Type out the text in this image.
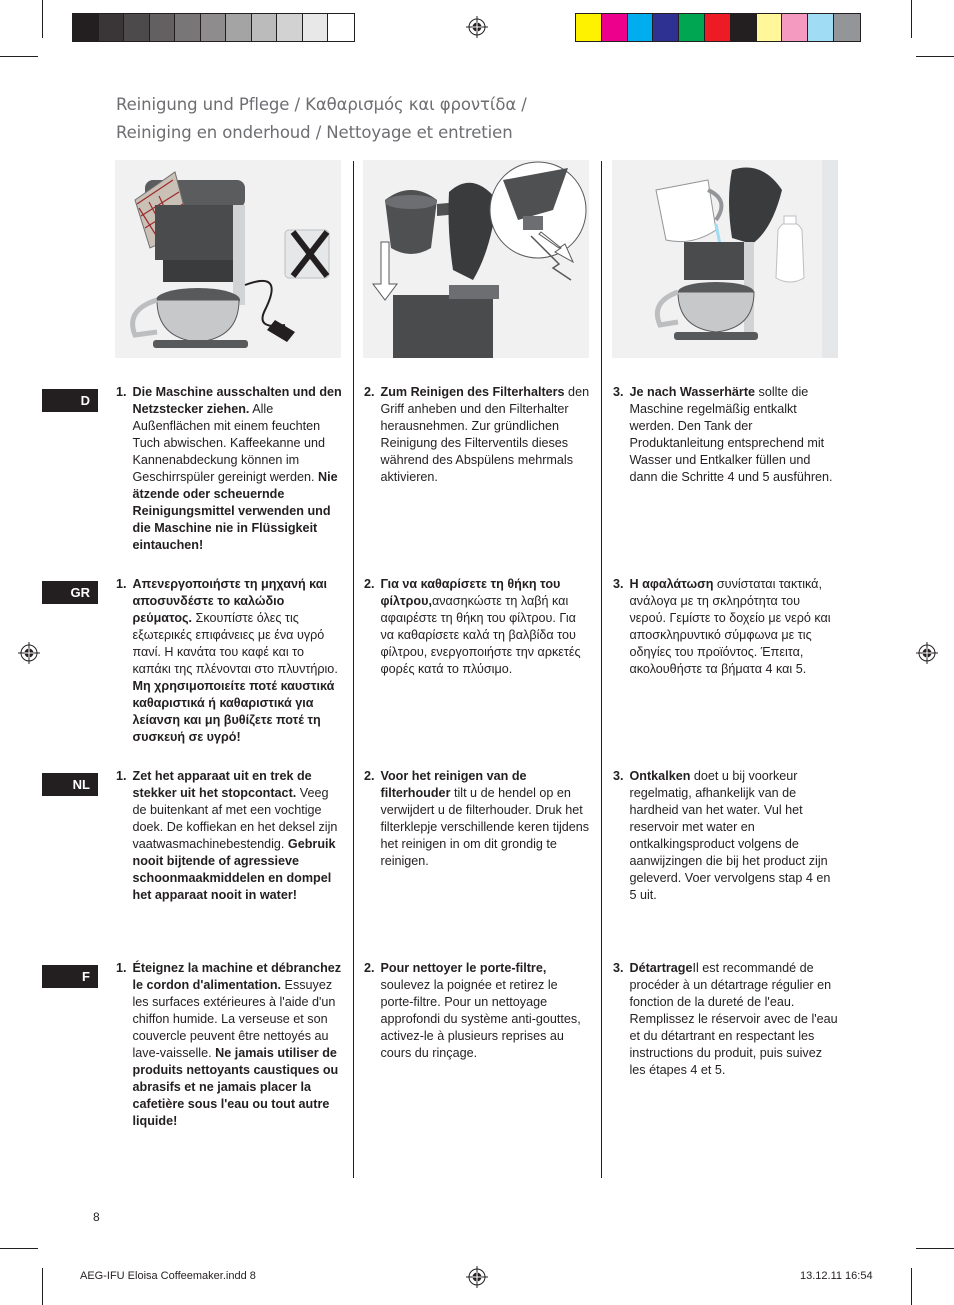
Reinigung und Pflege / Καθαρισμός και φροντίδα /
Reiniging en onderhoud / Nettoyage et entretien
D
1. Die Maschine ausschalten und den Netzstecker ziehen. Alle Außenflächen mit einem feuchten Tuch abwischen. Kaffeekanne und Kannenabdeckung können im Geschirrspüler gereinigt werden. Nie ätzende oder scheuernde Reinigungsmittel verwenden und die Maschine nie in Flüssigkeit eintauchen!
2. Zum Reinigen des Filterhalters den Griff anheben und den Filterhalter herausnehmen. Zur gründlichen Reinigung des Filterventils dieses während des Abspülens mehrmals aktivieren.
3. Je nach Wasserhärte sollte die Maschine regelmäßig entkalkt werden. Den Tank der Produktanleitung entsprechend mit Wasser und Entkalker füllen und dann die Schritte 4 und 5 ausführen.
GR
1. Απενεργοποιήστε τη μηχανή και αποσυνδέστε το καλώδιο ρεύματος. Σκουπίστε όλες τις εξωτερικές επιφάνειες με ένα υγρό πανί. Η κανάτα του καφέ και το καπάκι της πλένονται στο πλυντήριο. Μη χρησιμοποιείτε ποτέ καυστικά καθαριστικά ή καθαριστικά για λείανση και μη βυθίζετε ποτέ τη συσκευή σε υγρό!
2. Για να καθαρίσετε τη θήκη του φίλτρου,ανασηκώστε τη λαβή και αφαιρέστε τη θήκη του φίλτρου. Για να καθαρίσετε καλά τη βαλβίδα του φίλτρου, ενεργοποιήστε την αρκετές φορές κατά το πλύσιμο.
3. Η αφαλάτωση συνίσταται τακτικά, ανάλογα με τη σκληρότητα του νερού. Γεμίστε το δοχείο με νερό και αποσκληρυντικό σύμφωνα με τις οδηγίες του προϊόντος. Έπειτα, ακολουθήστε τα βήματα 4 και 5.
NL
1. Zet het apparaat uit en trek de stekker uit het stopcontact. Veeg de buitenkant af met een vochtige doek. De koffiekan en het deksel zijn vaatwasmachinebestendig. Gebruik nooit bijtende of agressieve schoonmaakmiddelen en dompel het apparaat nooit in water!
2. Voor het reinigen van de filterhouder tilt u de hendel op en verwijdert u de filterhouder. Druk het filterklepje verschillende keren tijdens het reinigen in om dit grondig te reinigen.
3. Ontkalken doet u bij voorkeur regelmatig, afhankelijk van de hardheid van het water. Vul het reservoir met water en ontkalkingsproduct volgens de aanwijzingen die bij het product zijn geleverd. Voer vervolgens stap 4 en 5 uit.
F
1. Éteignez la machine et débranchez le cordon d'alimentation. Essuyez les surfaces extérieures à l'aide d'un chiffon humide. La verseuse et son couvercle peuvent être nettoyés au lave-vaisselle. Ne jamais utiliser de produits nettoyants caustiques ou abrasifs et ne jamais placer la cafetière sous l'eau ou tout autre liquide!
2. Pour nettoyer le porte-filtre, soulevez la poignée et retirez le porte-filtre. Pour un nettoyage approfondi du système anti-gouttes, activez-le à plusieurs reprises au cours du rinçage.
3. DétartrageIl est recommandé de procéder à un détartrage régulier en fonction de la dureté de l'eau. Remplissez le réservoir avec de l'eau et du détartrant en respectant les instructions du produit, puis suivez les étapes 4 et 5.
8
AEG-IFU Eloisa Coffeemaker.indd 8	13.12.11 16:54
